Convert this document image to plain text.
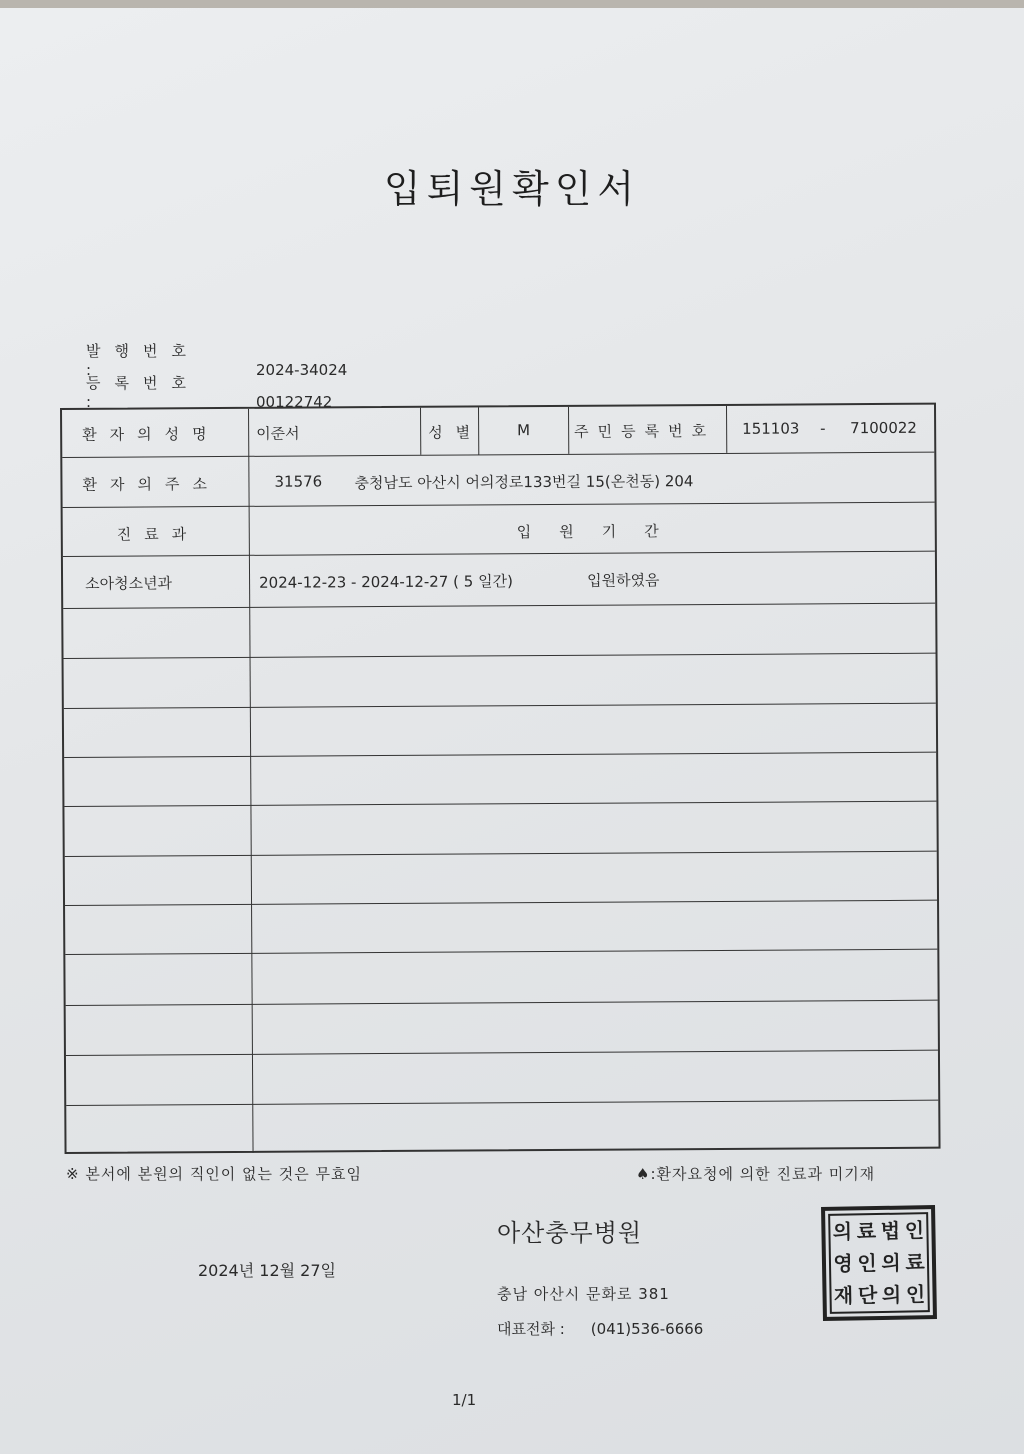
입퇴원확인서
발행번호 :	2024-34024
등록번호 :	00122742
환자의성명 이준서	성별 M	주민등록번호 151103 - 7100022
환자의주소	31576 충청남도 아산시 어의정로133번길 15(온천동) 204
진료과	입원기간
소아청소년과	2024-12-23 - 2024-12-27 ( 5 일간)	입원하였음
※ 본서에 본원의 직인이 없는 것은 무효임	♠:환자요청에 의한 진료과 미기재
아산충무병원
2024년 12월 27일
충남 아산시 문화로 381
대표전화 : (041)536-6666
의 료 법 인
영 인 의 료
재 단 의 인
1/1
